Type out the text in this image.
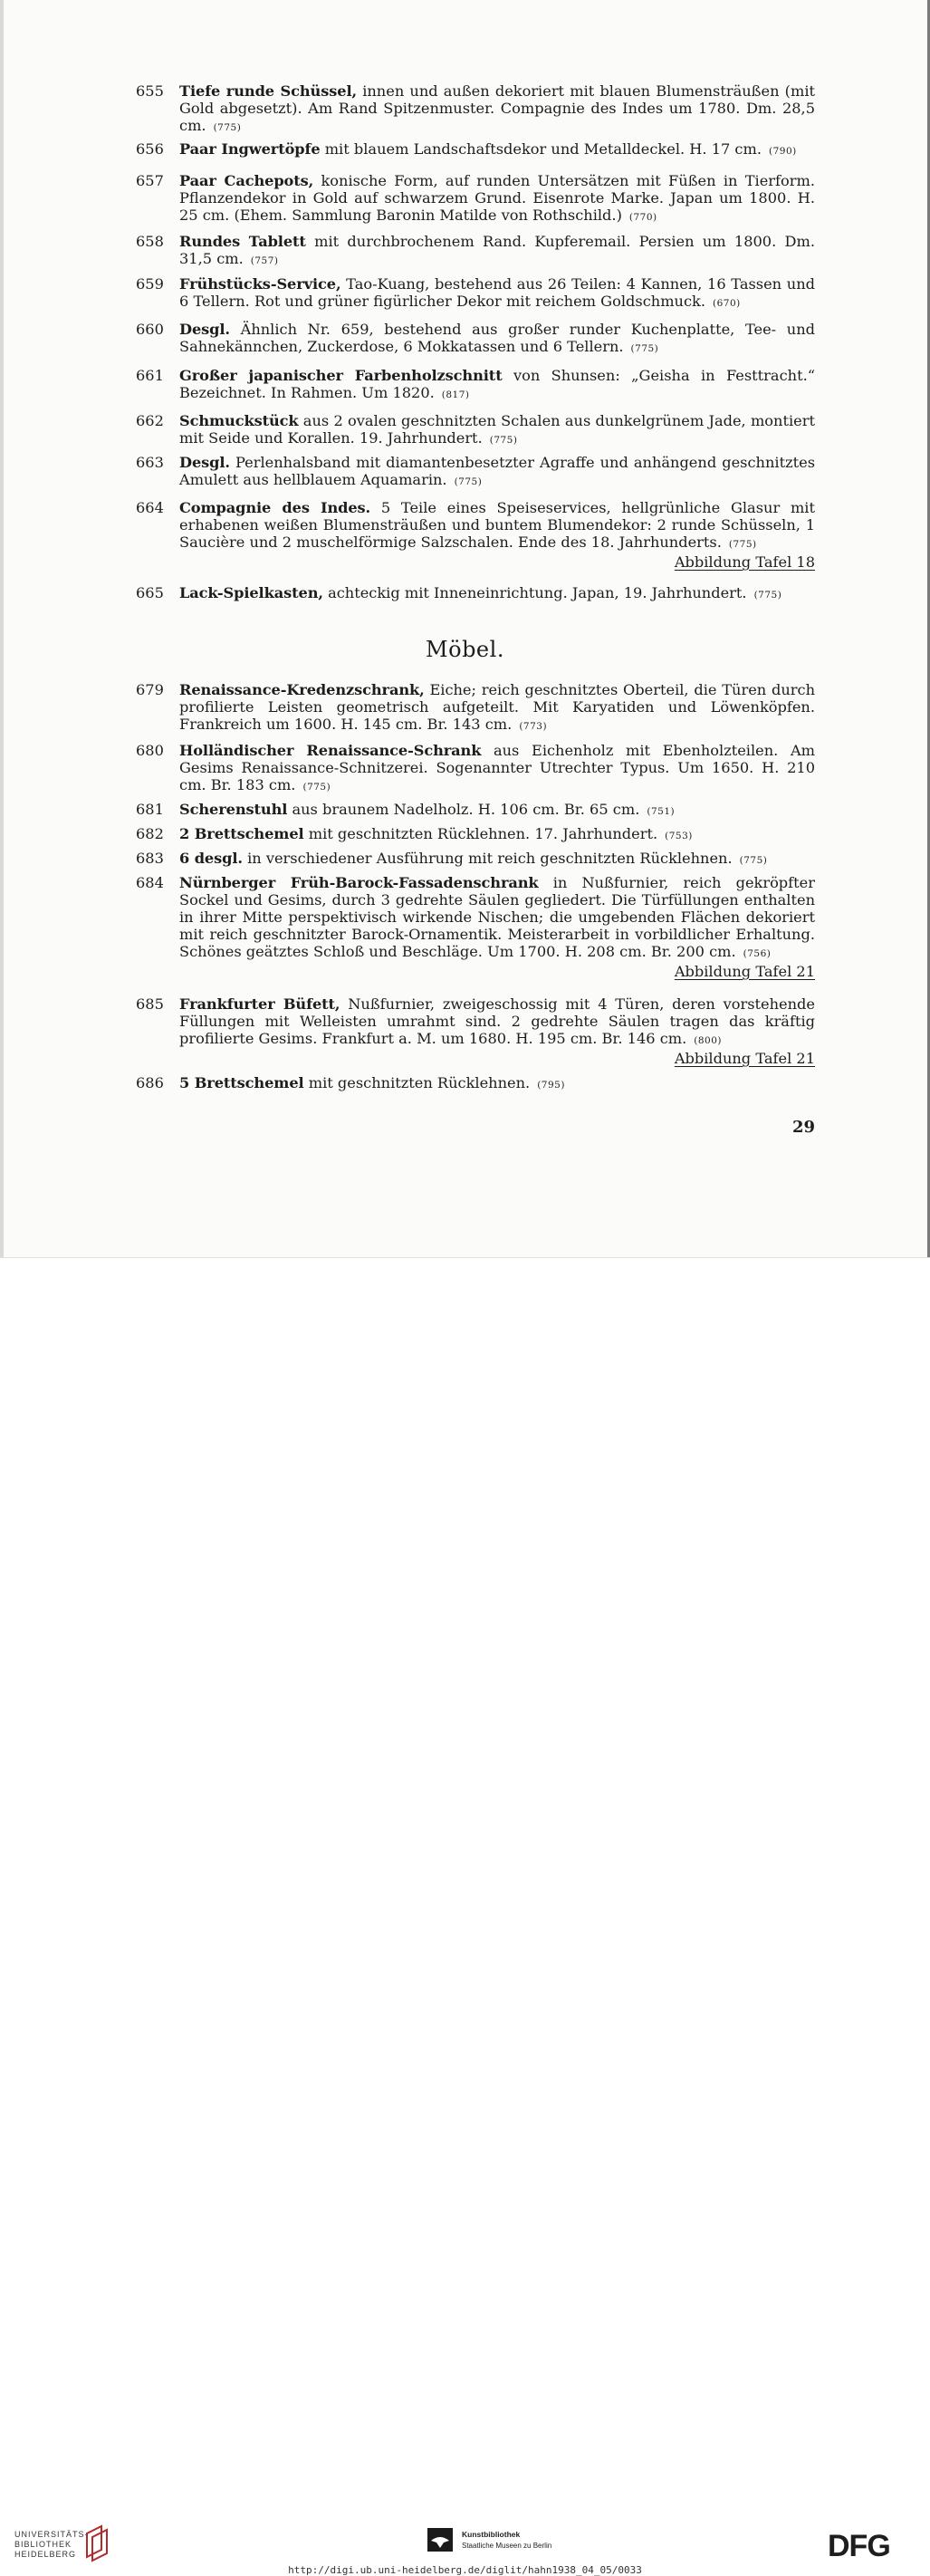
655	Tiefe runde Schüssel, innen und außen dekoriert mit blauen Blumensträußen (mit Gold abgesetzt). Am Rand Spitzenmuster. Compagnie des Indes um 1780. Dm. 28,5 cm. (775)
656	Paar Ingwertöpfe mit blauem Landschaftsdekor und Metalldeckel. H. 17 cm. (790)
657	Paar Cachepots, konische Form, auf runden Untersätzen mit Füßen in Tierform. Pflanzendekor in Gold auf schwarzem Grund. Eisenrote Marke. Japan um 1800. H. 25 cm. (Ehem. Sammlung Baronin Matilde von Rothschild.) (770)
658	Rundes Tablett mit durchbrochenem Rand. Kupferemail. Persien um 1800. Dm. 31,5 cm. (757)
659	Frühstücks-Service, Tao-Kuang, bestehend aus 26 Teilen: 4 Kannen, 16 Tassen und 6 Tellern. Rot und grüner figürlicher Dekor mit reichem Goldschmuck. (670)
660	Desgl. Ähnlich Nr. 659, bestehend aus großer runder Kuchenplatte, Tee- und Sahnekännchen, Zuckerdose, 6 Mokkatassen und 6 Tellern. (775)
661	Großer japanischer Farbenholzschnitt von Shunsen: „Geisha in Festtracht.“ Bezeichnet. In Rahmen. Um 1820. (817)
662	Schmuckstück aus 2 ovalen geschnitzten Schalen aus dunkelgrünem Jade, montiert mit Seide und Korallen. 19. Jahrhundert. (775)
663	Desgl. Perlenhalsband mit diamantenbesetzter Agraffe und anhängend geschnitztes Amulett aus hellblauem Aquamarin. (775)
664	Compagnie des Indes. 5 Teile eines Speiseservices, hellgrünliche Glasur mit erhabenen weißen Blumensträußen und buntem Blumendekor: 2 runde Schüsseln, 1 Saucière und 2 muschelförmige Salzschalen. Ende des 18. Jahrhunderts. (775)
Abbildung Tafel 18
665	Lack-Spielkasten, achteckig mit Inneneinrichtung. Japan, 19. Jahrhundert. (775)
Möbel.
679	Renaissance-Kredenzschrank, Eiche; reich geschnitztes Oberteil, die Türen durch profilierte Leisten geometrisch aufgeteilt. Mit Karyatiden und Löwenköpfen. Frankreich um 1600. H. 145 cm. Br. 143 cm. (773)
680	Holländischer Renaissance-Schrank aus Eichenholz mit Ebenholzteilen. Am Gesims Renaissance-Schnitzerei. Sogenannter Utrechter Typus. Um 1650. H. 210 cm. Br. 183 cm. (775)
681	Scherenstuhl aus braunem Nadelholz. H. 106 cm. Br. 65 cm. (751)
682	2 Brettschemel mit geschnitzten Rücklehnen. 17. Jahrhundert. (753)
683	6 desgl. in verschiedener Ausführung mit reich geschnitzten Rücklehnen. (775)
684	Nürnberger Früh-Barock-Fassadenschrank in Nußfurnier, reich gekröpfter Sockel und Gesims, durch 3 gedrehte Säulen gegliedert. Die Türfüllungen enthalten in ihrer Mitte perspektivisch wirkende Nischen; die umgebenden Flächen dekoriert mit reich geschnitzter Barock-Ornamentik. Meisterarbeit in vorbildlicher Erhaltung. Schönes geätztes Schloß und Beschläge. Um 1700. H. 208 cm. Br. 200 cm. (756)
Abbildung Tafel 21
685	Frankfurter Büfett, Nußfurnier, zweigeschossig mit 4 Türen, deren vorstehende Füllungen mit Welleisten umrahmt sind. 2 gedrehte Säulen tragen das kräftig profilierte Gesims. Frankfurt a. M. um 1680. H. 195 cm. Br. 146 cm. (800)
Abbildung Tafel 21
686	5 Brettschemel mit geschnitzten Rücklehnen. (795)
29
UNIVERSITÄTS-
BIBLIOTHEK
HEIDELBERG
Kunstbibliothek
Staatliche Museen zu Berlin	DFG
http://digi.ub.uni-heidelberg.de/diglit/hahn1938_04_05/0033
